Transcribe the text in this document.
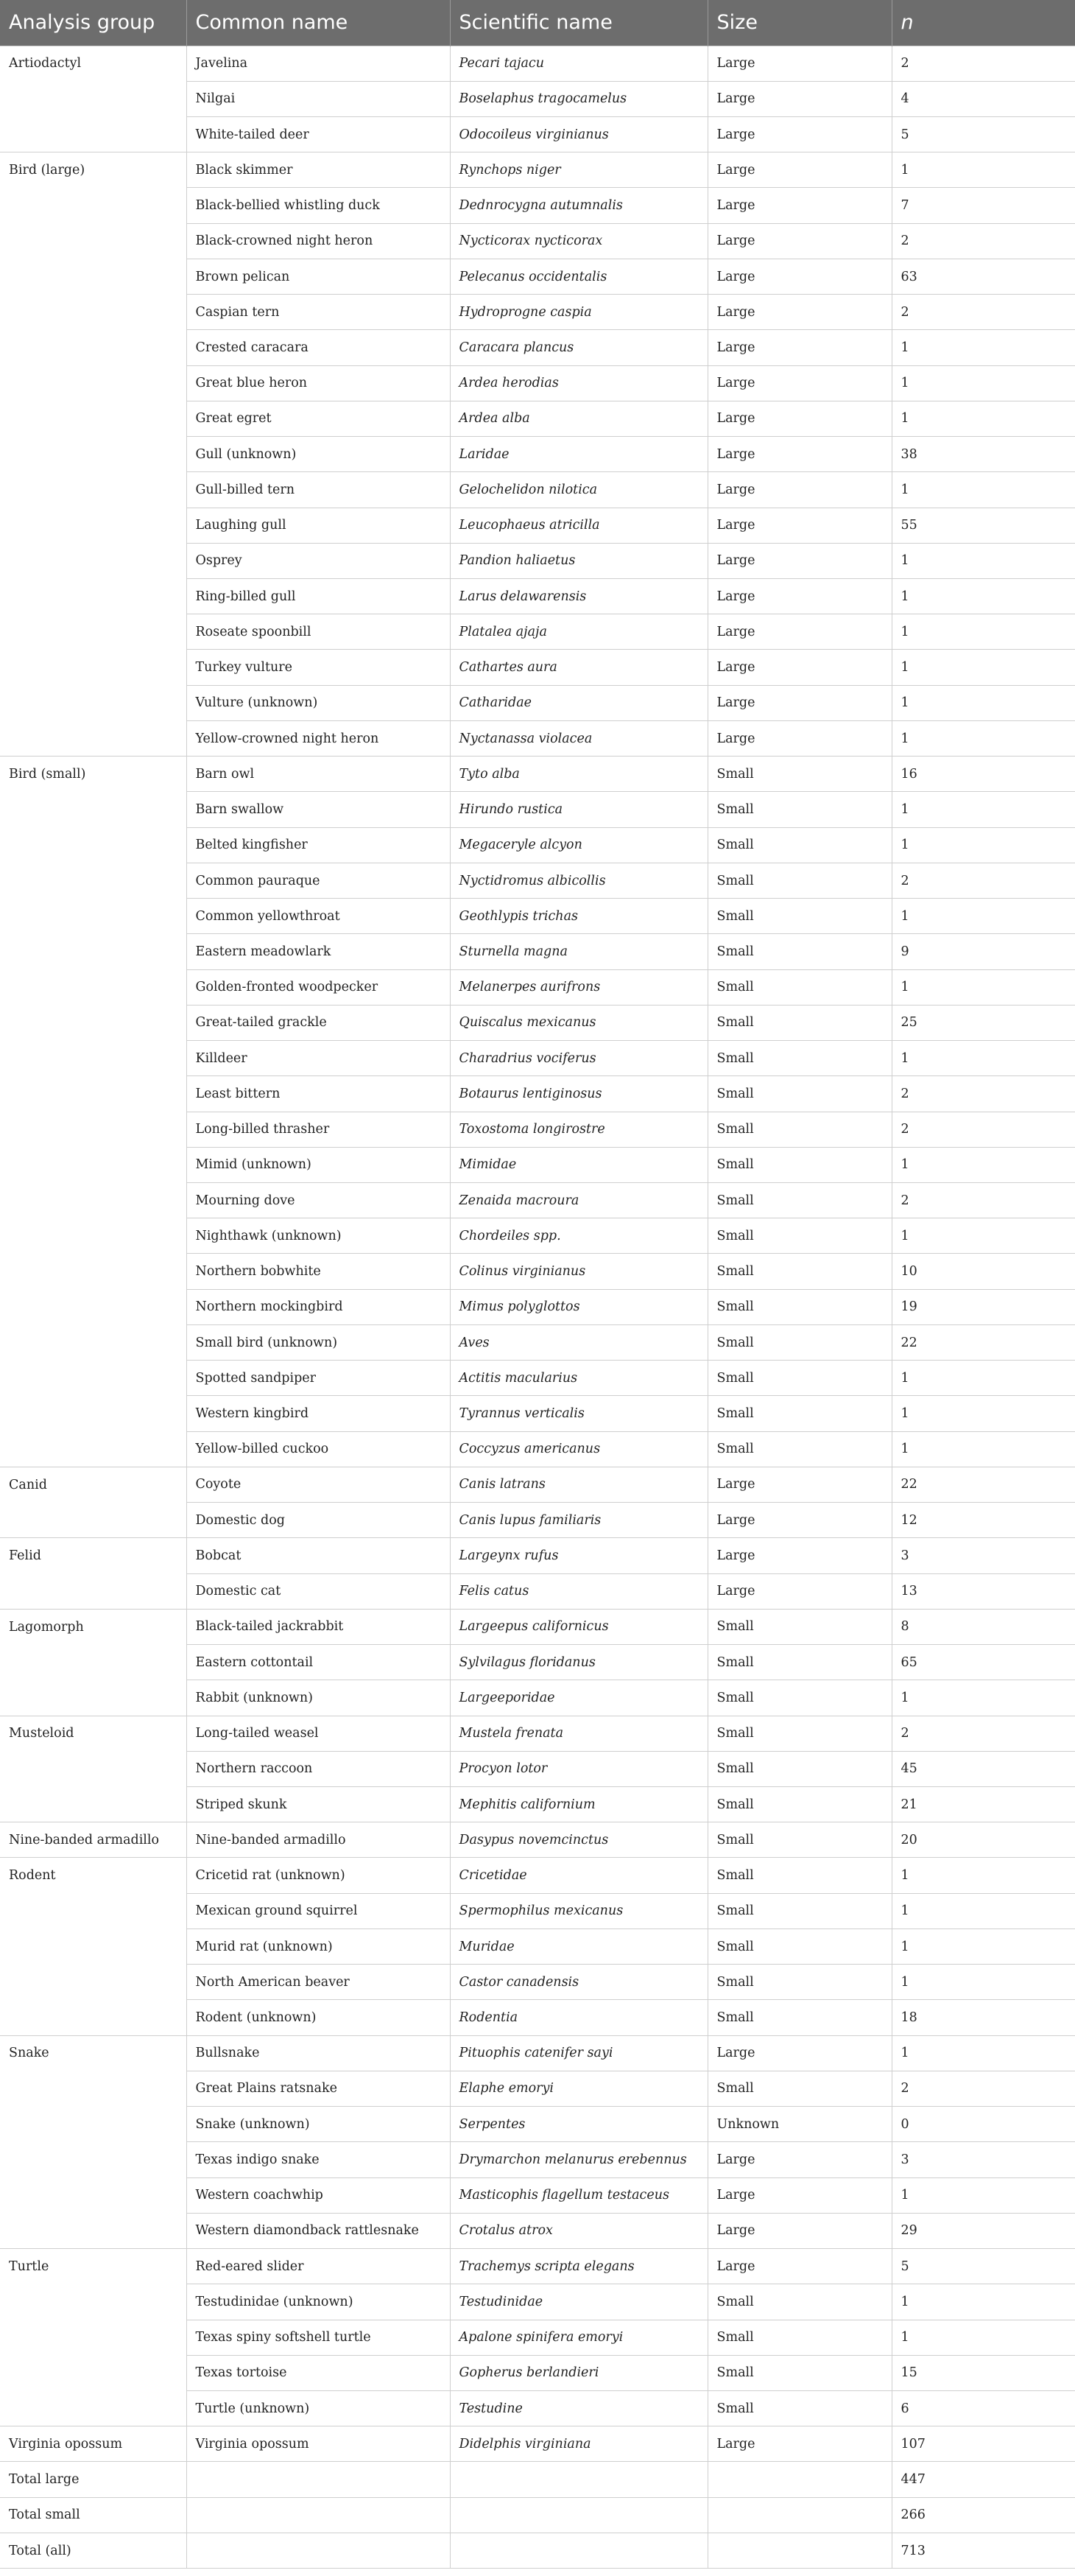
Analysis group	Common name	Scientific name	Size	n
Artiodactyl	Javelina	Pecari tajacu	Large	2
	Nilgai	Boselaphus tragocamelus	Large	4
	White-tailed deer	Odocoileus virginianus	Large	5
Bird (large)	Black skimmer	Rynchops niger	Large	1
	Black-bellied whistling duck	Dednrocygna autumnalis	Large	7
	Black-crowned night heron	Nycticorax nycticorax	Large	2
	Brown pelican	Pelecanus occidentalis	Large	63
	Caspian tern	Hydroprogne caspia	Large	2
	Crested caracara	Caracara plancus	Large	1
	Great blue heron	Ardea herodias	Large	1
	Great egret	Ardea alba	Large	1
	Gull (unknown)	Laridae	Large	38
	Gull-billed tern	Gelochelidon nilotica	Large	1
	Laughing gull	Leucophaeus atricilla	Large	55
	Osprey	Pandion haliaetus	Large	1
	Ring-billed gull	Larus delawarensis	Large	1
	Roseate spoonbill	Platalea ajaja	Large	1
	Turkey vulture	Cathartes aura	Large	1
	Vulture (unknown)	Catharidae	Large	1
	Yellow-crowned night heron	Nyctanassa violacea	Large	1
Bird (small)	Barn owl	Tyto alba	Small	16
	Barn swallow	Hirundo rustica	Small	1
	Belted kingfisher	Megaceryle alcyon	Small	1
	Common pauraque	Nyctidromus albicollis	Small	2
	Common yellowthroat	Geothlypis trichas	Small	1
	Eastern meadowlark	Sturnella magna	Small	9
	Golden-fronted woodpecker	Melanerpes aurifrons	Small	1
	Great-tailed grackle	Quiscalus mexicanus	Small	25
	Killdeer	Charadrius vociferus	Small	1
	Least bittern	Botaurus lentiginosus	Small	2
	Long-billed thrasher	Toxostoma longirostre	Small	2
	Mimid (unknown)	Mimidae	Small	1
	Mourning dove	Zenaida macroura	Small	2
	Nighthawk (unknown)	Chordeiles spp.	Small	1
	Northern bobwhite	Colinus virginianus	Small	10
	Northern mockingbird	Mimus polyglottos	Small	19
	Small bird (unknown)	Aves	Small	22
	Spotted sandpiper	Actitis macularius	Small	1
	Western kingbird	Tyrannus verticalis	Small	1
	Yellow-billed cuckoo	Coccyzus americanus	Small	1
Canid	Coyote	Canis latrans	Large	22
	Domestic dog	Canis lupus familiaris	Large	12
Felid	Bobcat	Largeynx rufus	Large	3
	Domestic cat	Felis catus	Large	13
Lagomorph	Black-tailed jackrabbit	Largeepus californicus	Small	8
	Eastern cottontail	Sylvilagus floridanus	Small	65
	Rabbit (unknown)	Largeeporidae	Small	1
Musteloid	Long-tailed weasel	Mustela frenata	Small	2
	Northern raccoon	Procyon lotor	Small	45
	Striped skunk	Mephitis californium	Small	21
Nine-banded armadillo	Nine-banded armadillo	Dasypus novemcinctus	Small	20
Rodent	Cricetid rat (unknown)	Cricetidae	Small	1
	Mexican ground squirrel	Spermophilus mexicanus	Small	1
	Murid rat (unknown)	Muridae	Small	1
	North American beaver	Castor canadensis	Small	1
	Rodent (unknown)	Rodentia	Small	18
Snake	Bullsnake	Pituophis catenifer sayi	Large	1
	Great Plains ratsnake	Elaphe emoryi	Small	2
	Snake (unknown)	Serpentes	Unknown	0
	Texas indigo snake	Drymarchon melanurus erebennus	Large	3
	Western coachwhip	Masticophis flagellum testaceus	Large	1
	Western diamondback rattlesnake	Crotalus atrox	Large	29
Turtle	Red-eared slider	Trachemys scripta elegans	Large	5
	Testudinidae (unknown)	Testudinidae	Small	1
	Texas spiny softshell turtle	Apalone spinifera emoryi	Small	1
	Texas tortoise	Gopherus berlandieri	Small	15
	Turtle (unknown)	Testudine	Small	6
Virginia opossum	Virginia opossum	Didelphis virginiana	Large	107
Total large				447
Total small				266
Total (all)				713
